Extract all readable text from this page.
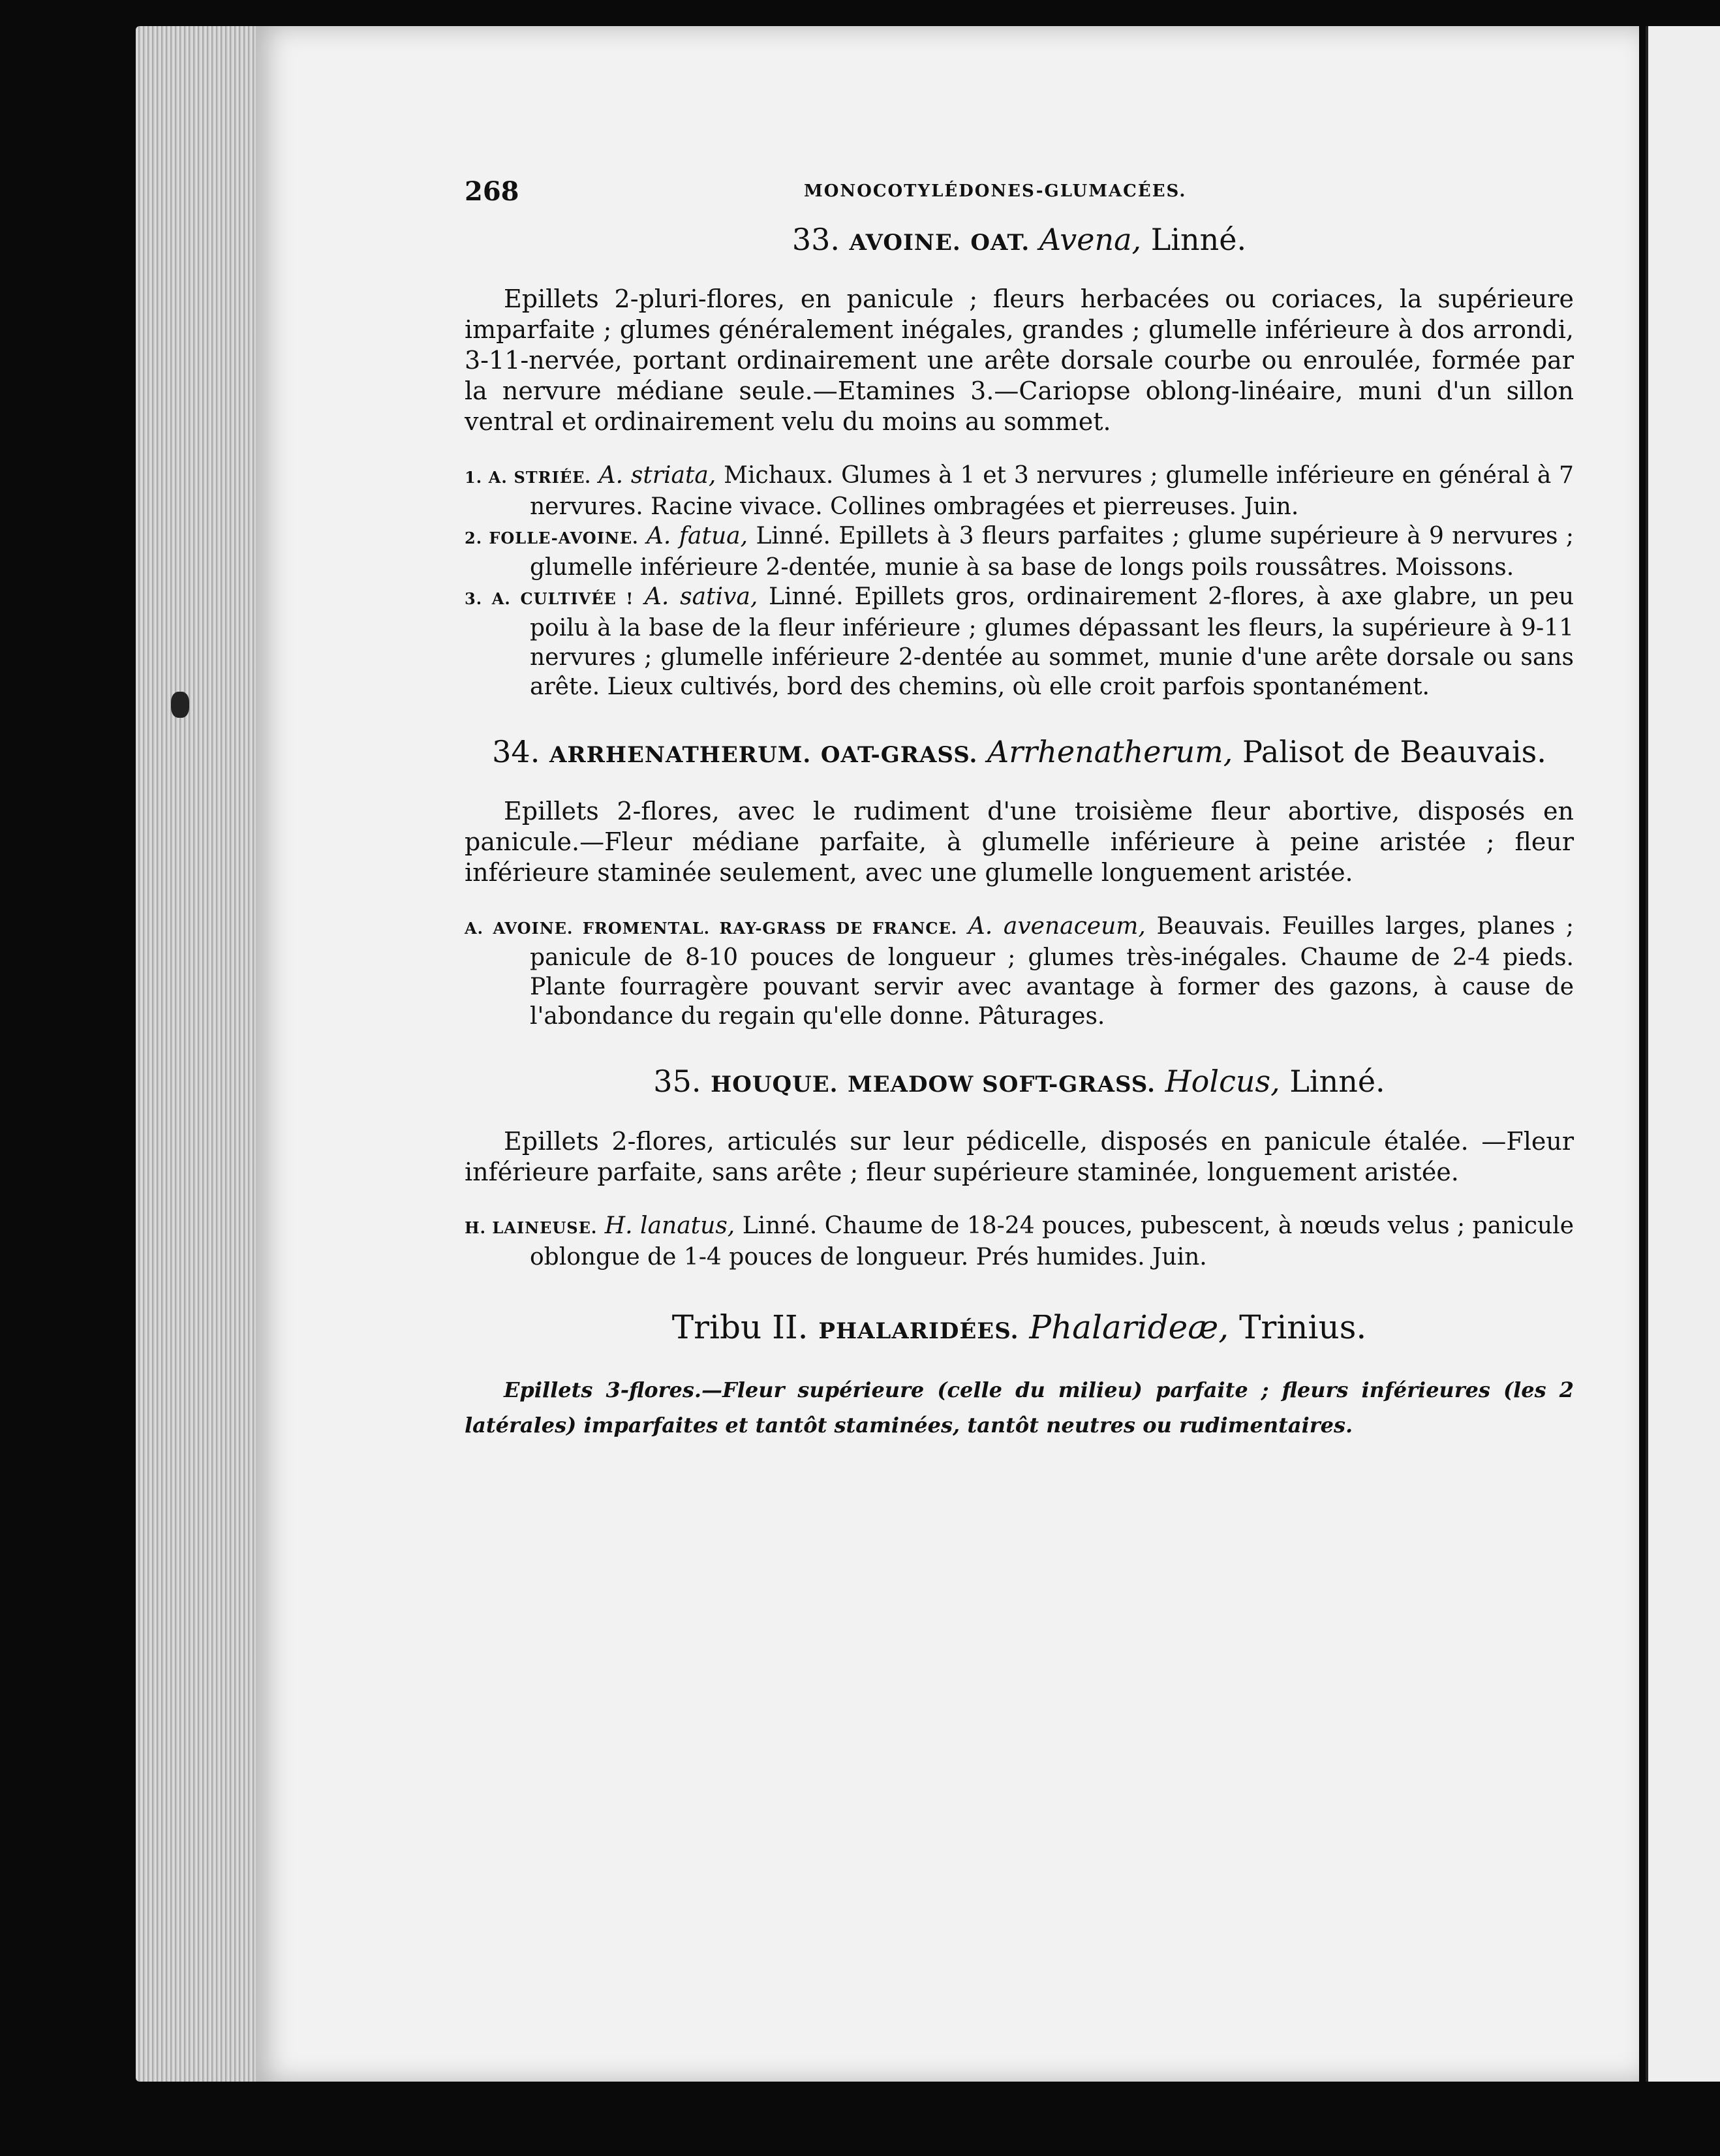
268	MONOCOTYLÉDONES-GLUMACÉES.
33. AVOINE. OAT. Avena, Linné.

Epillets 2-pluri-flores, en panicule ; fleurs herbacées ou coriaces, la supérieure imparfaite ; glumes généralement inégales, grandes ; glumelle inférieure à dos arrondi, 3-11-nervée, portant ordinairement une arête dorsale courbe ou enroulée, formée par la nervure médiane seule.—Etamines 3.—Cariopse oblong-linéaire, muni d'un sillon ventral et ordinairement velu du moins au sommet.

1. A. STRIÉE. A. striata, Michaux. Glumes à 1 et 3 nervures ; glumelle inférieure en général à 7 nervures. Racine vivace. Collines ombragées et pierreuses. Juin.

2. FOLLE-AVOINE. A. fatua, Linné. Epillets à 3 fleurs parfaites ; glume supérieure à 9 nervures ; glumelle inférieure 2-dentée, munie à sa base de longs poils roussâtres. Moissons.

3. A. CULTIVÉE ! A. sativa, Linné. Epillets gros, ordinairement 2-flores, à axe glabre, un peu poilu à la base de la fleur inférieure ; glumes dépassant les fleurs, la supérieure à 9-11 nervures ; glumelle inférieure 2-dentée au sommet, munie d'une arête dorsale ou sans arête. Lieux cultivés, bord des chemins, où elle croit parfois spontanément.

34. ARRHENATHERUM. OAT-GRASS. Arrhenatherum, Palisot de Beauvais.

Epillets 2-flores, avec le rudiment d'une troisième fleur abortive, disposés en panicule.—Fleur médiane parfaite, à glumelle inférieure à peine aristée ; fleur inférieure staminée seulement, avec une glumelle longuement aristée.

A. AVOINE. FROMENTAL. RAY-GRASS DE FRANCE. A. avenaceum, Beauvais. Feuilles larges, planes ; panicule de 8-10 pouces de longueur ; glumes très-inégales. Chaume de 2-4 pieds. Plante fourragère pouvant servir avec avantage à former des gazons, à cause de l'abondance du regain qu'elle donne. Pâturages.

35. HOUQUE. MEADOW SOFT-GRASS. Holcus, Linné.

Epillets 2-flores, articulés sur leur pédicelle, disposés en panicule étalée. —Fleur inférieure parfaite, sans arête ; fleur supérieure staminée, longuement aristée.

H. LAINEUSE. H. lanatus, Linné. Chaume de 18-24 pouces, pubescent, à nœuds velus ; panicule oblongue de 1-4 pouces de longueur. Prés humides. Juin.

Tribu II. PHALARIDÉES. Phalarideæ, Trinius.

Epillets 3-flores.—Fleur supérieure (celle du milieu) parfaite ; fleurs inférieures (les 2 latérales) imparfaites et tantôt staminées, tantôt neutres ou rudimentaires.
